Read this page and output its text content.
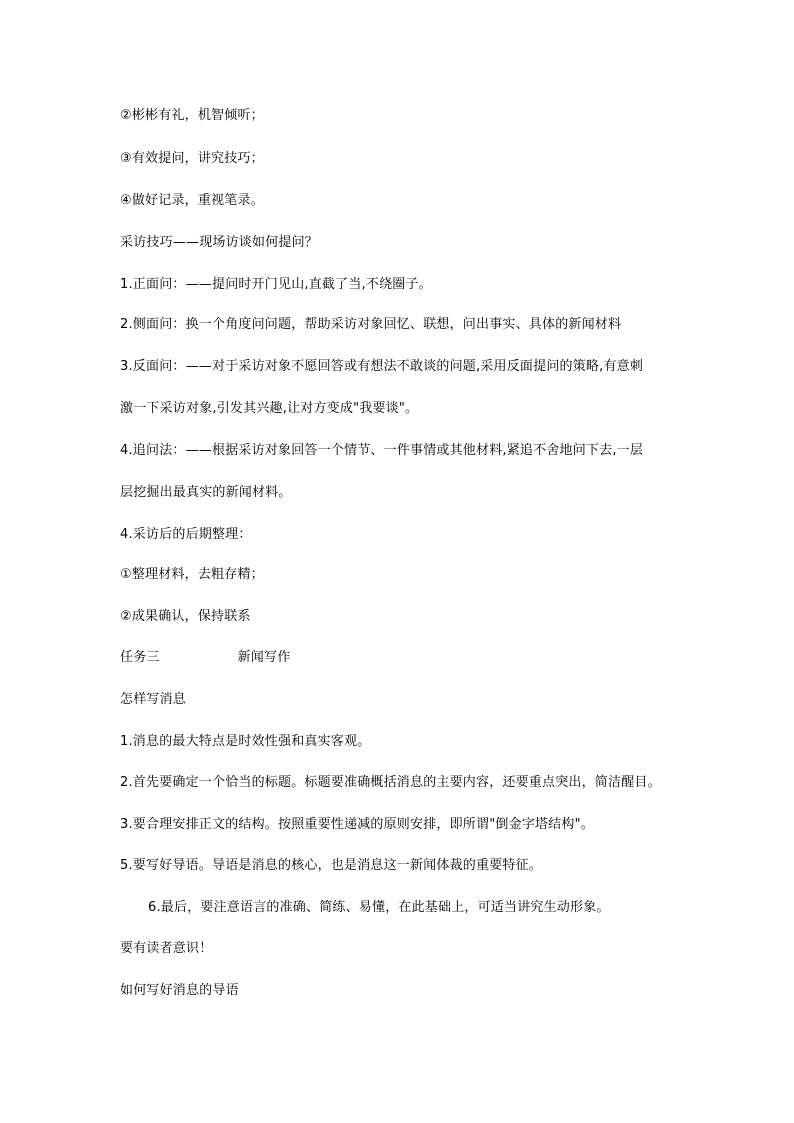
②彬彬有礼，机智倾听；
③有效提问，讲究技巧；
④做好记录，重视笔录。
采访技巧——现场访谈如何提问？
1.正面问：——提问时开门见山,直截了当,不绕圈子。
2.侧面问：换一个角度问问题，帮助采访对象回忆、联想，问出事实、具体的新闻材料
3.反面问：——对于采访对象不愿回答或有想法不敢谈的问题,采用反面提问的策略,有意刺
激一下采访对象,引发其兴趣,让对方变成"我要谈"。
4.追问法：——根据采访对象回答一个情节、一件事情或其他材料,紧追不舍地问下去,一层
层挖掘出最真实的新闻材料。
4.采访后的后期整理：
①整理材料，去粗存精；
②成果确认，保持联系
任务三	新闻写作
怎样写消息
1.消息的最大特点是时效性强和真实客观。
2.首先要确定一个恰当的标题。标题要准确概括消息的主要内容，还要重点突出，简洁醒目。
3.要合理安排正文的结构。按照重要性递减的原则安排，即所谓"倒金字塔结构"。
5.要写好导语。导语是消息的核心，也是消息这一新闻体裁的重要特征。
6.最后，要注意语言的准确、简练、易懂，在此基础上，可适当讲究生动形象。
要有读者意识！
如何写好消息的导语
